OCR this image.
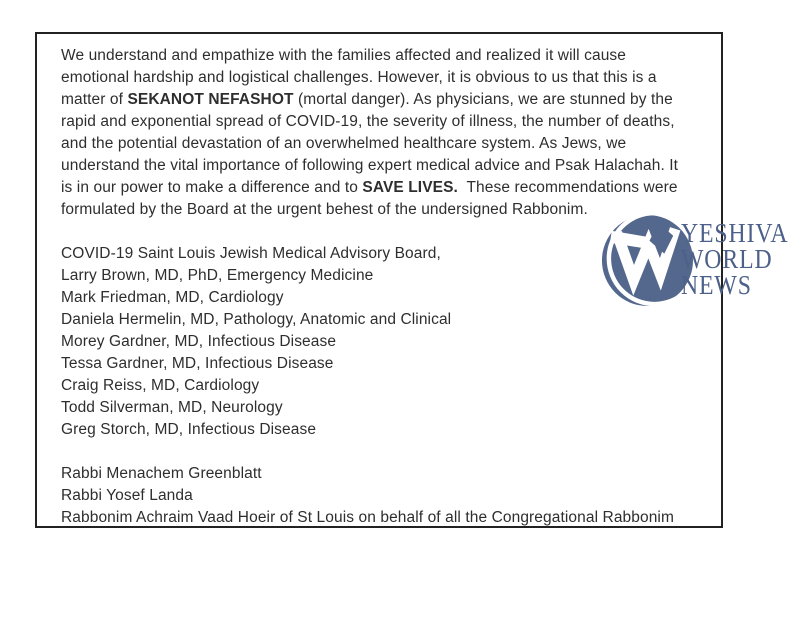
We understand and empathize with the families affected and realized it will cause
emotional hardship and logistical challenges. However, it is obvious to us that this is a
matter of SEKANOT NEFASHOT (mortal danger). As physicians, we are stunned by the
rapid and exponential spread of COVID-19, the severity of illness, the number of deaths,
and the potential devastation of an overwhelmed healthcare system. As Jews, we
understand the vital importance of following expert medical advice and Psak Halachah. It
is in our power to make a difference and to SAVE LIVES.  These recommendations were
formulated by the Board at the urgent behest of the undersigned Rabbonim.
COVID-19 Saint Louis Jewish Medical Advisory Board,
Larry Brown, MD, PhD, Emergency Medicine
Mark Friedman, MD, Cardiology
Daniela Hermelin, MD, Pathology, Anatomic and Clinical
Morey Gardner, MD, Infectious Disease
Tessa Gardner, MD, Infectious Disease
Craig Reiss, MD, Cardiology
Todd Silverman, MD, Neurology
Greg Storch, MD, Infectious Disease
Rabbi Menachem Greenblatt
Rabbi Yosef Landa
Rabbonim Achraim Vaad Hoeir of St Louis on behalf of all the Congregational Rabbonim
YESHIVA
WORLD
NEWS
